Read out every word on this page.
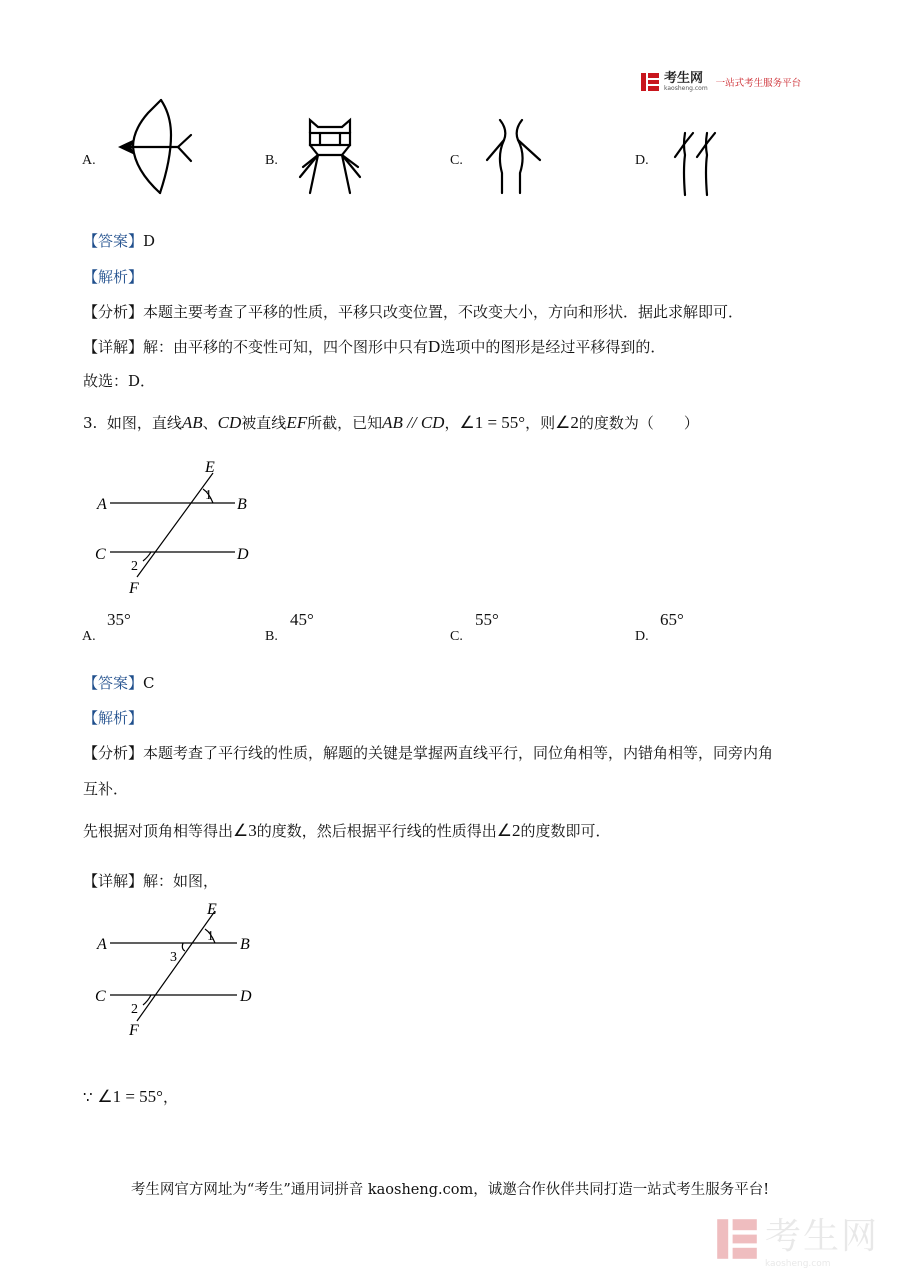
考生网
kaosheng.com 一站式考生服务平台
A.	B.	C.	D.
【答案】D
【解析】
【分析】本题主要考查了平移的性质，平移只改变位置，不改变大小，方向和形状．据此求解即可．
【详解】解：由平移的不变性可知，四个图形中只有D选项中的图形是经过平移得到的．
故选：D．
3. 如图，直线AB、CD被直线EF所截，已知AB // CD，∠1 = 55°，则∠2的度数为（　　）
E
A	B
C	D
F
1
2
A.
35°
B.
45°
C.
55°
D.
65°
【答案】C
【解析】
【分析】本题考查了平行线的性质，解题的关键是掌握两直线平行，同位角相等，内错角相等，同旁内角
互补．
先根据对顶角相等得出∠3的度数，然后根据平行线的性质得出∠2的度数即可．
【详解】解：如图，
E
A	B
C	D
F
1
3
2
∵ ∠1 = 55°，
考生网官方网址为“考生”通用词拼音 kaosheng.com，诚邀合作伙伴共同打造一站式考生服务平台!
考生网
kaosheng.com
